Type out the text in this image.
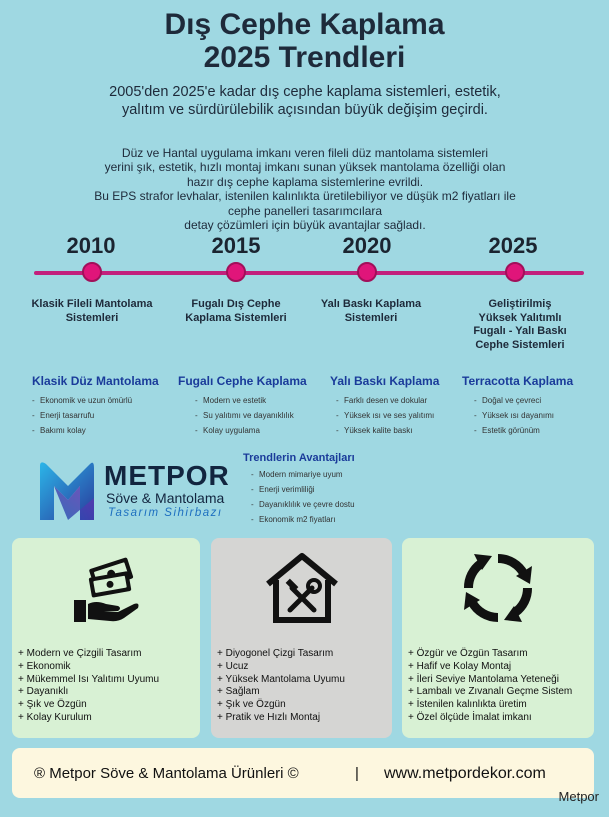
Dış Cephe Kaplama
2025 Trendleri
2005'den 2025'e kadar dış cephe kaplama sistemleri, estetik, yalıtım ve sürdürülebilik açısından büyük değişim geçirdi.
Düz ve Hantal uygulama imkanı veren fileli düz mantolama sistemleri
yerini şık, estetik, hızlı montaj imkanı sunan yüksek mantolama özelliği olan
hazır dış cephe kaplama sistemlerine evrildi.
Bu EPS strafor levhalar, istenilen kalınlıkta üretilebiliyor ve düşük m2 fiyatları ile
cephe panelleri tasarımcılara
detay çözümleri için büyük avantajlar sağladı.
2010	2015	2020	2025
Klasik Fileli Mantolama Sistemleri
Fugalı Dış Cephe Kaplama Sistemleri
Yalı Baskı Kaplama Sistemleri
Geliştirilmiş Yüksek Yalıtımlı Fugalı - Yalı Baskı Cephe Sistemleri
Klasik Düz Mantolama
- Ekonomik ve uzun ömürlü
- Enerji tasarrufu
- Bakımı kolay
Fugalı Cephe Kaplama
- Modern ve estetik
- Su yalıtımı ve dayanıklılık
- Kolay uygulama
Yalı Baskı Kaplama
- Farklı desen ve dokular
- Yüksek ısı ve ses yalıtımı
- Yüksek kalite baskı
Terracotta Kaplama
- Doğal ve çevreci
- Yüksek ısı dayanımı
- Estetik görünüm
METPOR
Söve & Mantolama
Tasarım Sihirbazı
Trendlerin Avantajları
- Modern mimariye uyum
- Enerji verimliliği
- Dayanıklılık ve çevre dostu
- Ekonomik m2 fiyatları
+ Modern ve Çizgili Tasarım
+ Ekonomik
+ Mükemmel Isı Yalıtımı Uyumu
+ Dayanıklı
+ Şık ve Özgün
+ Kolay Kurulum
+ Diyogonel Çizgi Tasarım
+ Ucuz
+ Yüksek Mantolama Uyumu
+ Sağlam
+ Şık ve Özgün
+ Pratik ve Hızlı Montaj
+ Özgür ve Özgün Tasarım
+ Hafif ve Kolay Montaj
+ İleri Seviye Mantolama Yeteneği
+ Lambalı ve Zıvanalı Geçme Sistem
+ İstenilen kalınlıkta üretim
+ Özel ölçüde İmalat imkanı
® Metpor Söve & Mantolama Ürünleri ©	| www.metpordekor.com
Metpor
